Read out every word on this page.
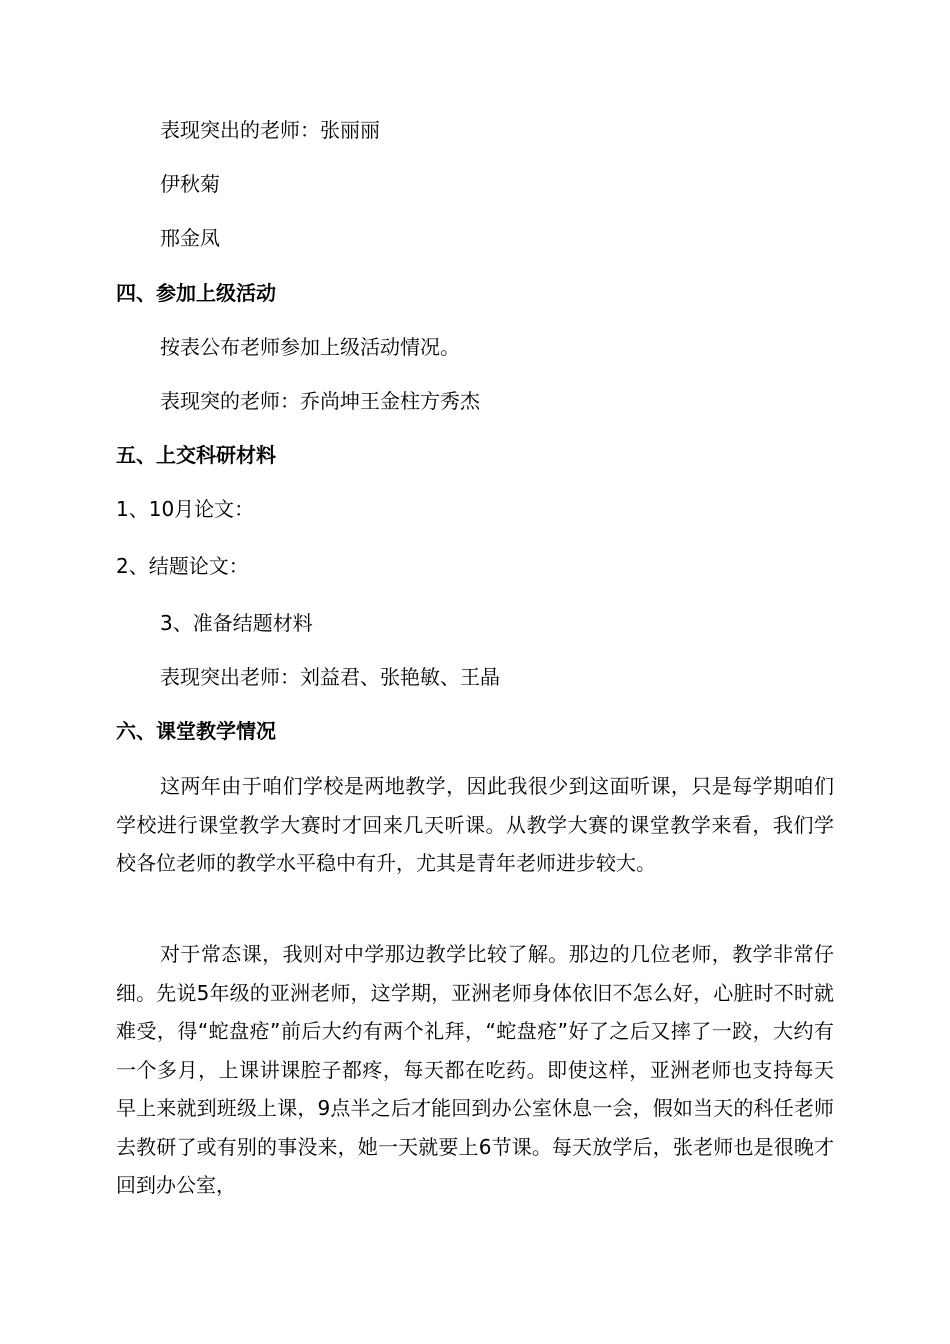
表现突出的老师：张丽丽
伊秋菊
邢金凤
四、参加上级活动
按表公布老师参加上级活动情况。
表现突的老师：乔尚坤王金柱方秀杰
五、上交科研材料
1、10月论文：
2、结题论文：
3、准备结题材料
表现突出老师：刘益君、张艳敏、王晶
六、课堂教学情况

这两年由于咱们学校是两地教学，因此我很少到这面听课，只是每学期咱们学校进行课堂教学大赛时才回来几天听课。从教学大赛的课堂教学来看，我们学校各位老师的教学水平稳中有升，尤其是青年老师进步较大。

对于常态课，我则对中学那边教学比较了解。那边的几位老师，教学非常仔细。先说5年级的亚洲老师，这学期，亚洲老师身体依旧不怎么好，心脏时不时就难受，得“蛇盘疮”前后大约有两个礼拜，“蛇盘疮”好了之后又摔了一跤，大约有一个多月，上课讲课腔子都疼，每天都在吃药。即使这样，亚洲老师也支持每天早上来就到班级上课，9点半之后才能回到办公室休息一会，假如当天的科任老师去教研了或有别的事没来，她一天就要上6节课。每天放学后，张老师也是很晚才回到办公室，
